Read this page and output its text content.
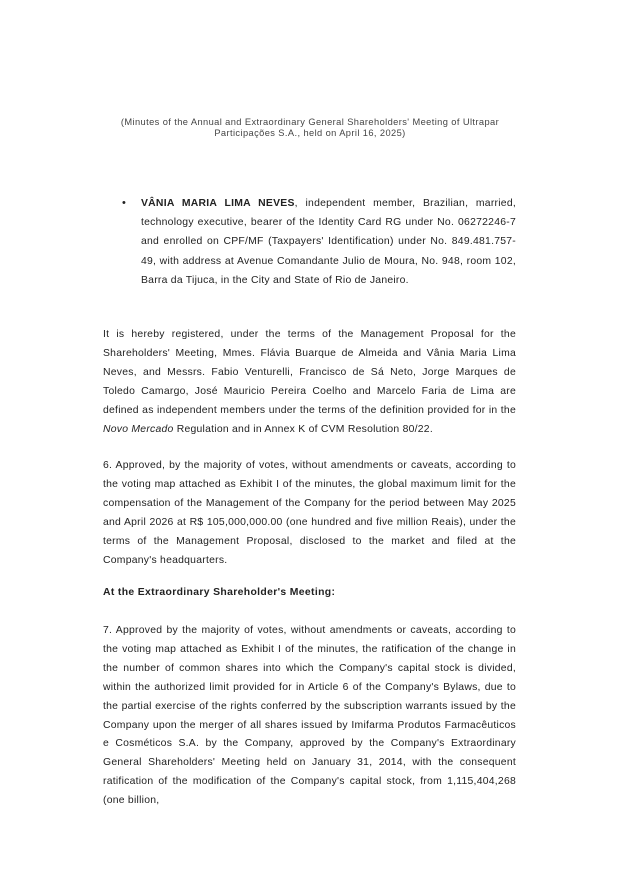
(Minutes of the Annual and Extraordinary General Shareholders' Meeting of Ultrapar
Participações S.A., held on April 16, 2025)
• VÂNIA MARIA LIMA NEVES, independent member, Brazilian, married, technology executive, bearer of the Identity Card RG under No. 06272246-7 and enrolled on CPF/MF (Taxpayers' Identification) under No. 849.481.757-49, with address at Avenue Comandante Julio de Moura, No. 948, room 102, Barra da Tijuca, in the City and State of Rio de Janeiro.

It is hereby registered, under the terms of the Management Proposal for the Shareholders' Meeting, Mmes. Flávia Buarque de Almeida and Vânia Maria Lima Neves, and Messrs. Fabio Venturelli, Francisco de Sá Neto, Jorge Marques de Toledo Camargo, José Mauricio Pereira Coelho and Marcelo Faria de Lima are defined as independent members under the terms of the definition provided for in the Novo Mercado Regulation and in Annex K of CVM Resolution 80/22.

6. Approved, by the majority of votes, without amendments or caveats, according to the voting map attached as Exhibit I of the minutes, the global maximum limit for the compensation of the Management of the Company for the period between May 2025 and April 2026 at R$ 105,000,000.00 (one hundred and five million Reais), under the terms of the Management Proposal, disclosed to the market and filed at the Company's headquarters.

At the Extraordinary Shareholder's Meeting:

7. Approved by the majority of votes, without amendments or caveats, according to the voting map attached as Exhibit I of the minutes, the ratification of the change in the number of common shares into which the Company's capital stock is divided, within the authorized limit provided for in Article 6 of the Company's Bylaws, due to the partial exercise of the rights conferred by the subscription warrants issued by the Company upon the merger of all shares issued by Imifarma Produtos Farmacêuticos e Cosméticos S.A. by the Company, approved by the Company's Extraordinary General Shareholders' Meeting held on January 31, 2014, with the consequent ratification of the modification of the Company's capital stock, from 1,115,404,268 (one billion,
